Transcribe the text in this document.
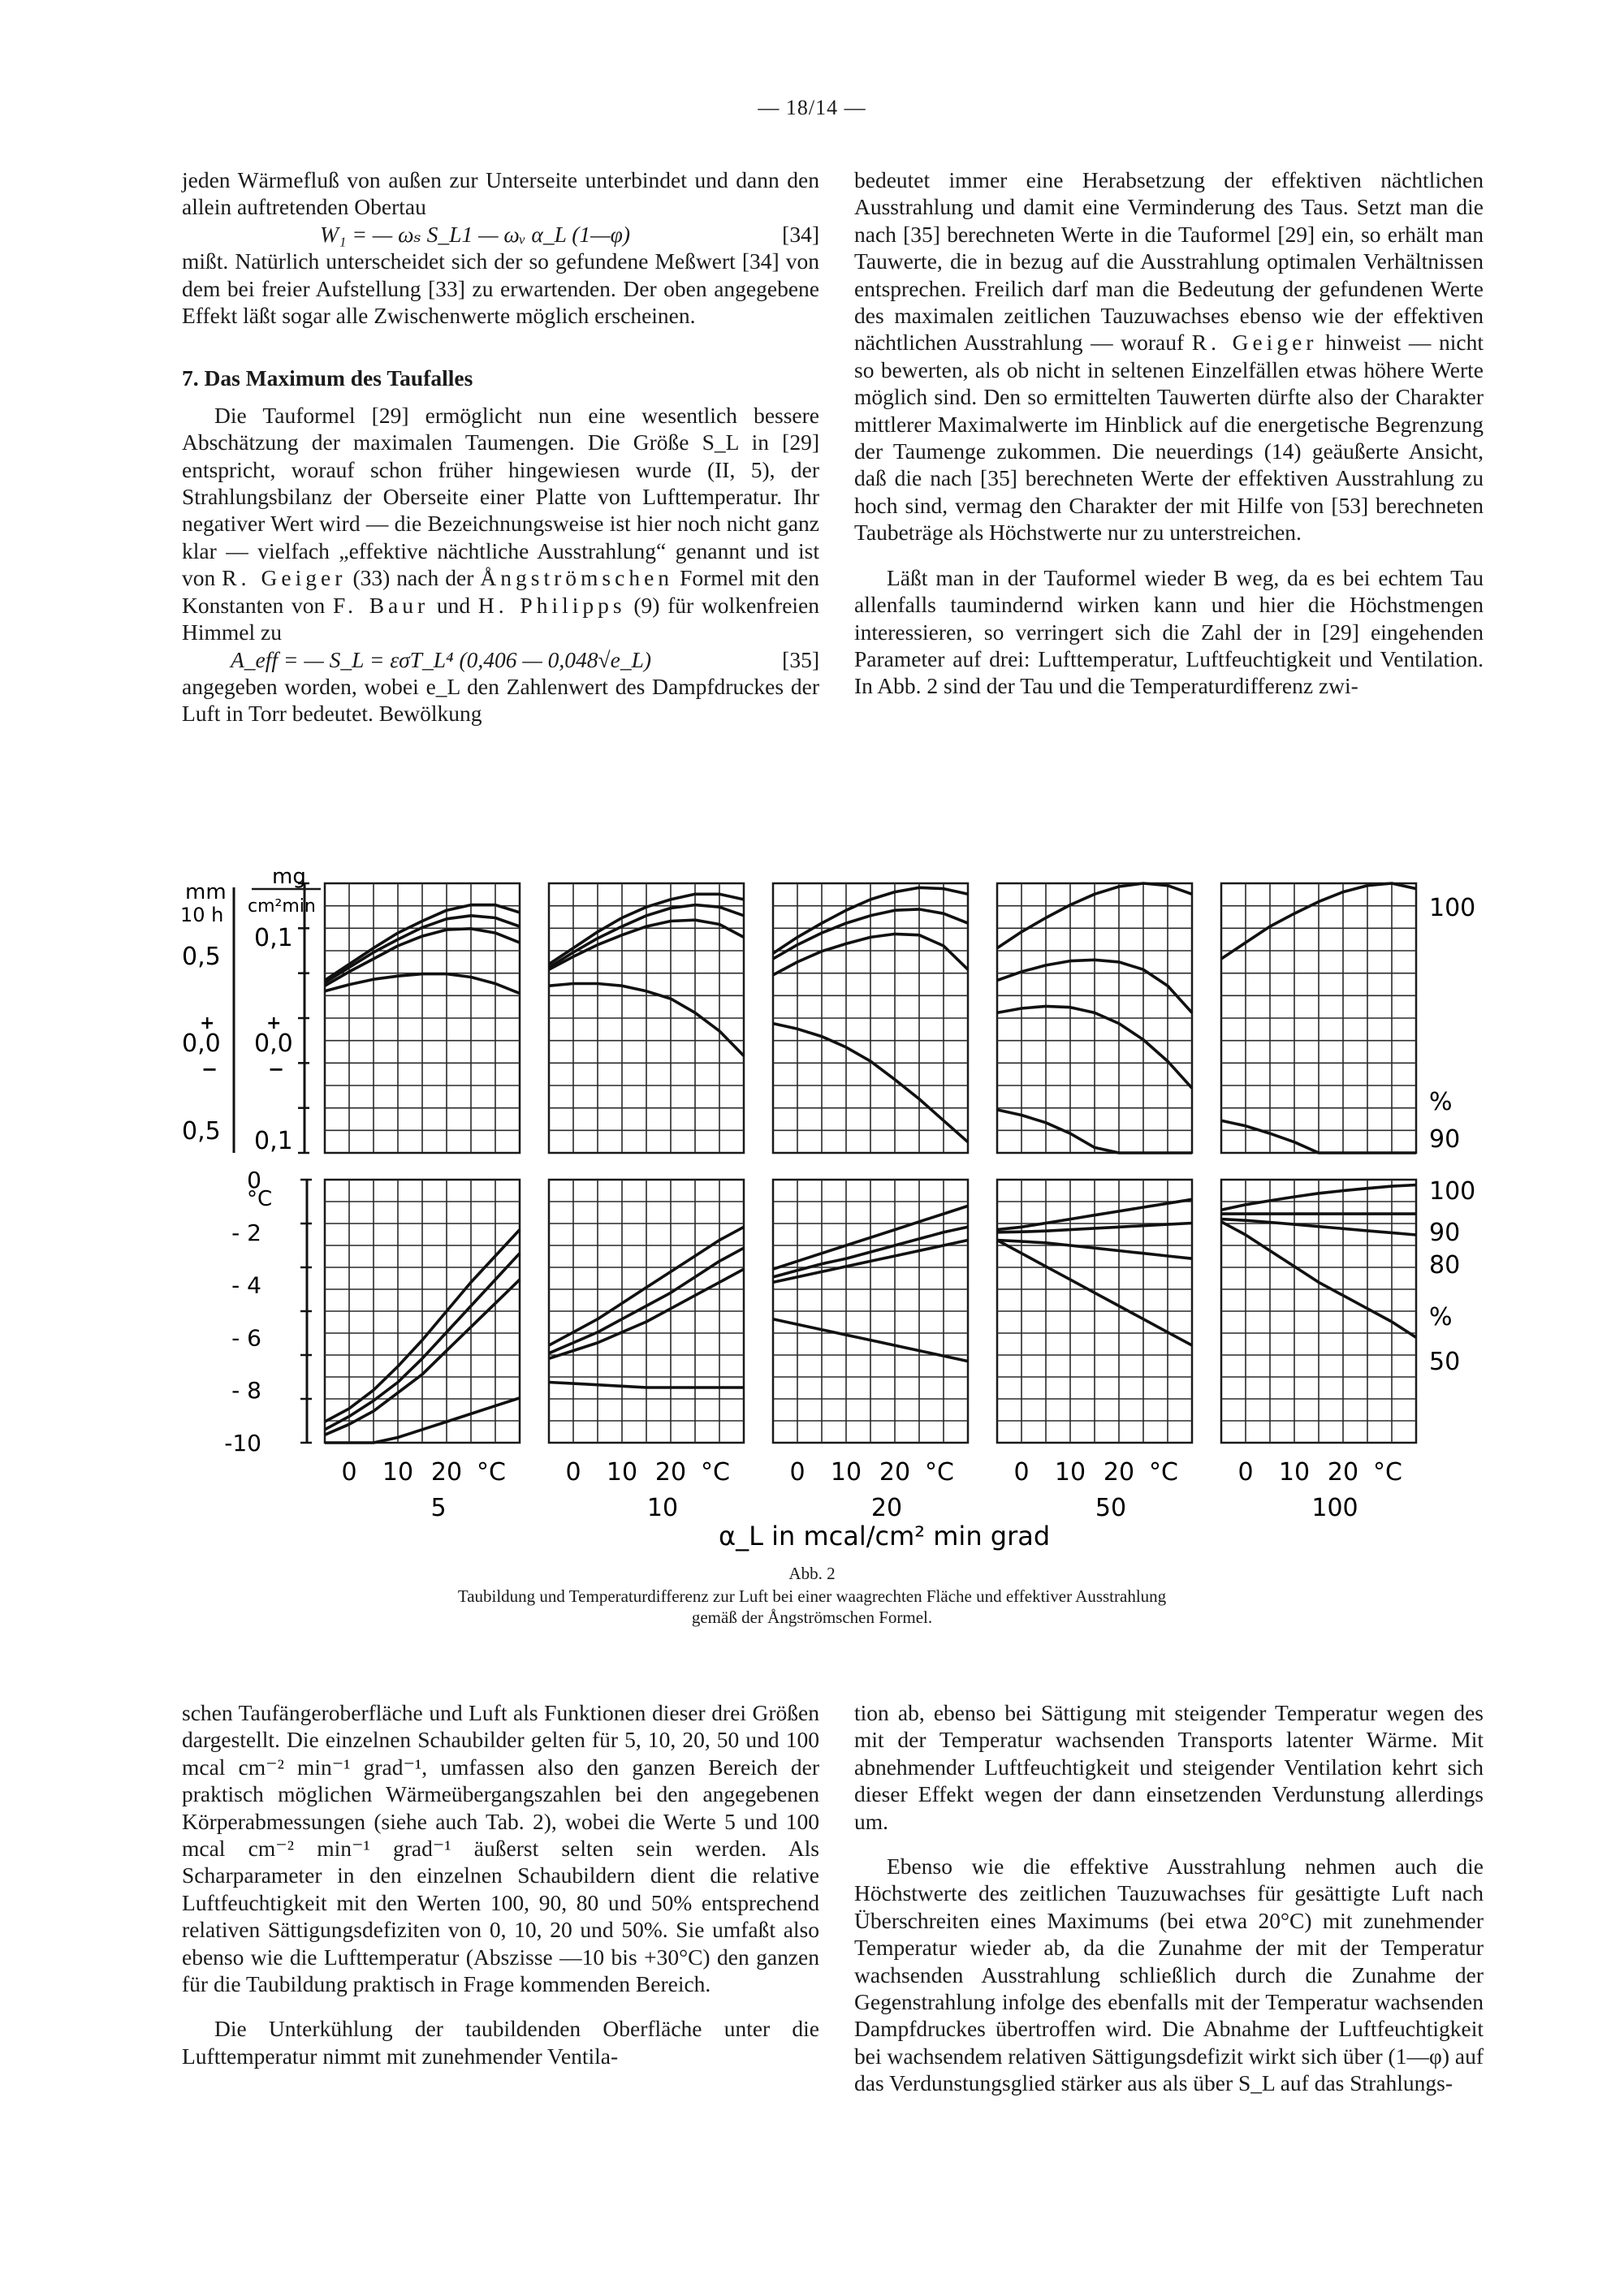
— 18/14 —

jeden Wärmefluß von außen zur Unterseite unterbindet und dann den allein auftretenden Obertau

W₁ = — ωₛ S_L1 — ωᵥ α_L (1—φ)	[34]

mißt. Natürlich unterscheidet sich der so gefundene Meßwert [34] von dem bei freier Aufstellung [33] zu erwartenden. Der oben angegebene Effekt läßt sogar alle Zwischenwerte möglich erscheinen.

7. Das Maximum des Taufalles

Die Tauformel [29] ermöglicht nun eine wesentlich bessere Abschätzung der maximalen Taumengen. Die Größe S_L in [29] entspricht, worauf schon früher hingewiesen wurde (II, 5), der Strahlungsbilanz der Oberseite einer Platte von Lufttemperatur. Ihr negativer Wert wird — die Bezeichnungsweise ist hier noch nicht ganz klar — vielfach „effektive nächtliche Ausstrahlung“ genannt und ist von R. Geiger (33) nach der Ångströmschen Formel mit den Konstanten von F. Baur und H. Philipps (9) für wolkenfreien Himmel zu

A_eff = — S_L = εσT_L⁴ (0,406 — 0,048√e_L)	[35]

angegeben worden, wobei e_L den Zahlenwert des Dampfdruckes der Luft in Torr bedeutet. Bewölkung

bedeutet immer eine Herabsetzung der effektiven nächtlichen Ausstrahlung und damit eine Verminderung des Taus. Setzt man die nach [35] berechneten Werte in die Tauformel [29] ein, so erhält man Tauwerte, die in bezug auf die Ausstrahlung optimalen Verhältnissen entsprechen. Freilich darf man die Bedeutung der gefundenen Werte des maximalen zeitlichen Tauzuwachses ebenso wie der effektiven nächtlichen Ausstrahlung — worauf R. Geiger hinweist — nicht so bewerten, als ob nicht in seltenen Einzelfällen etwas höhere Werte möglich sind. Den so ermittelten Tauwerten dürfte also der Charakter mittlerer Maximalwerte im Hinblick auf die energetische Begrenzung der Taumenge zukommen. Die neuerdings (14) geäußerte Ansicht, daß die nach [35] berechneten Werte der effektiven Ausstrahlung zu hoch sind, vermag den Charakter der mit Hilfe von [53] berechneten Taubeträge als Höchstwerte nur zu unterstreichen.

Läßt man in der Tauformel wieder B weg, da es bei echtem Tau allenfalls taumindernd wirken kann und hier die Höchstmengen interessieren, so verringert sich die Zahl der in [29] eingehenden Parameter auf drei: Lufttemperatur, Luftfeuchtigkeit und Ventilation. In Abb. 2 sind der Tau und die Temperaturdifferenz zwi-

mm
10 h
mg
cm²min
0,5
0,0
0,5
0,1
0,0
0,1
+	+
−	−
°C
0
- 2
- 4
- 6
- 8
-10
100
%
90
100
90
80
%
50
0 10 20 °C
5
0 10 20 °C
10
0 10 20 °C
20
0 10 20 °C
50
0 10 20 °C
100
α_L in mcal/cm² min grad
Abb. 2
Taubildung und Temperaturdifferenz zur Luft bei einer waagrechten Fläche und effektiver Ausstrahlung gemäß der Ångströmschen Formel.

schen Taufängeroberfläche und Luft als Funktionen dieser drei Größen dargestellt. Die einzelnen Schaubilder gelten für 5, 10, 20, 50 und 100 mcal cm⁻² min⁻¹ grad⁻¹, umfassen also den ganzen Bereich der praktisch möglichen Wärmeübergangszahlen bei den angegebenen Körperabmessungen (siehe auch Tab. 2), wobei die Werte 5 und 100 mcal cm⁻² min⁻¹ grad⁻¹ äußerst selten sein werden. Als Scharparameter in den einzelnen Schaubildern dient die relative Luftfeuchtigkeit mit den Werten 100, 90, 80 und 50% entsprechend relativen Sättigungsdefiziten von 0, 10, 20 und 50%. Sie umfaßt also ebenso wie die Lufttemperatur (Abszisse —10 bis +30°C) den ganzen für die Taubildung praktisch in Frage kommenden Bereich.

Die Unterkühlung der taubildenden Oberfläche unter die Lufttemperatur nimmt mit zunehmender Ventila-

tion ab, ebenso bei Sättigung mit steigender Temperatur wegen des mit der Temperatur wachsenden Transports latenter Wärme. Mit abnehmender Luftfeuchtigkeit und steigender Ventilation kehrt sich dieser Effekt wegen der dann einsetzenden Verdunstung allerdings um.

Ebenso wie die effektive Ausstrahlung nehmen auch die Höchstwerte des zeitlichen Tauzuwachses für gesättigte Luft nach Überschreiten eines Maximums (bei etwa 20°C) mit zunehmender Temperatur wieder ab, da die Zunahme der mit der Temperatur wachsenden Ausstrahlung schließlich durch die Zunahme der Gegenstrahlung infolge des ebenfalls mit der Temperatur wachsenden Dampfdruckes übertroffen wird. Die Abnahme der Luftfeuchtigkeit bei wachsendem relativen Sättigungsdefizit wirkt sich über (1—φ) auf das Verdunstungsglied stärker aus als über S_L auf das Strahlungs-
